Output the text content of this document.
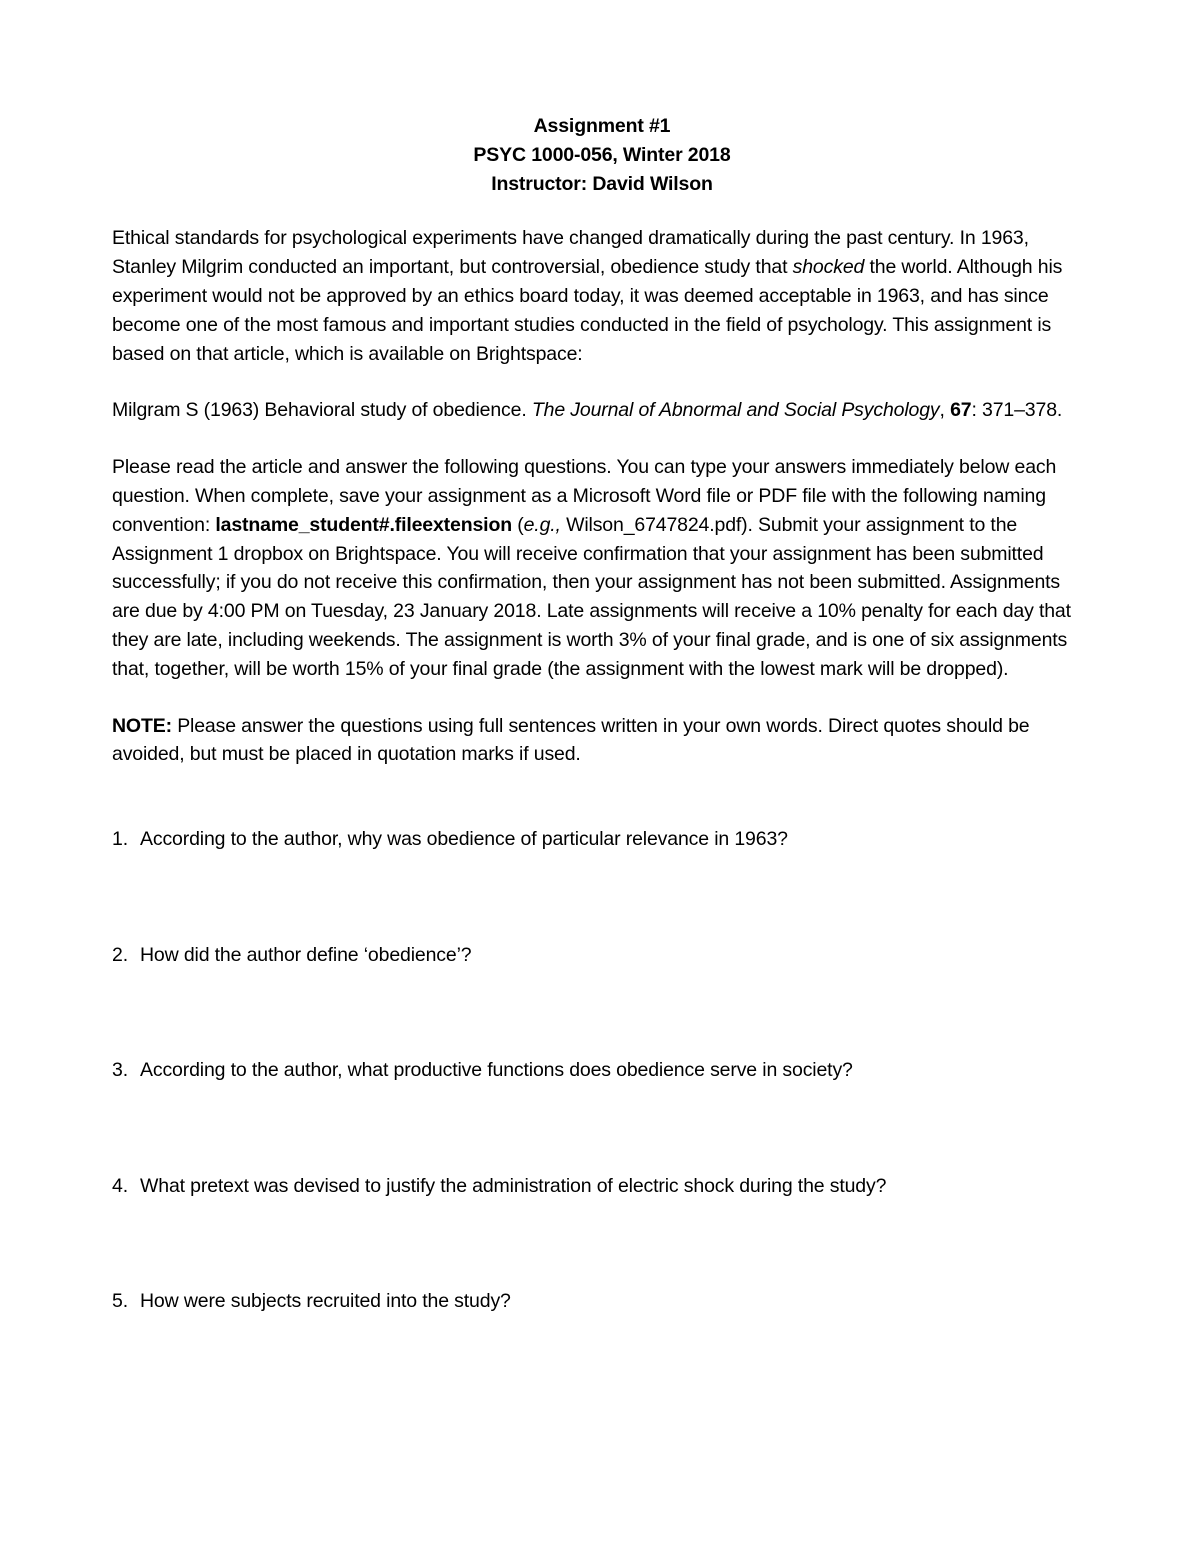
Assignment #1
PSYC 1000-056, Winter 2018
Instructor: David Wilson

Ethical standards for psychological experiments have changed dramatically during the past century. In 1963, Stanley Milgrim conducted an important, but controversial, obedience study that shocked the world. Although his experiment would not be approved by an ethics board today, it was deemed acceptable in 1963, and has since become one of the most famous and important studies conducted in the field of psychology. This assignment is based on that article, which is available on Brightspace:

Milgram S (1963) Behavioral study of obedience. The Journal of Abnormal and Social Psychology, 67: 371–378.

Please read the article and answer the following questions. You can type your answers immediately below each question. When complete, save your assignment as a Microsoft Word file or PDF file with the following naming convention: lastname_student#.fileextension (e.g., Wilson_6747824.pdf). Submit your assignment to the Assignment 1 dropbox on Brightspace. You will receive confirmation that your assignment has been submitted successfully; if you do not receive this confirmation, then your assignment has not been submitted. Assignments are due by 4:00 PM on Tuesday, 23 January 2018. Late assignments will receive a 10% penalty for each day that they are late, including weekends. The assignment is worth 3% of your final grade, and is one of six assignments that, together, will be worth 15% of your final grade (the assignment with the lowest mark will be dropped).

NOTE: Please answer the questions using full sentences written in your own words. Direct quotes should be avoided, but must be placed in quotation marks if used.

1. According to the author, why was obedience of particular relevance in 1963?
2. How did the author define ‘obedience’?
3. According to the author, what productive functions does obedience serve in society?
4. What pretext was devised to justify the administration of electric shock during the study?
5. How were subjects recruited into the study?
